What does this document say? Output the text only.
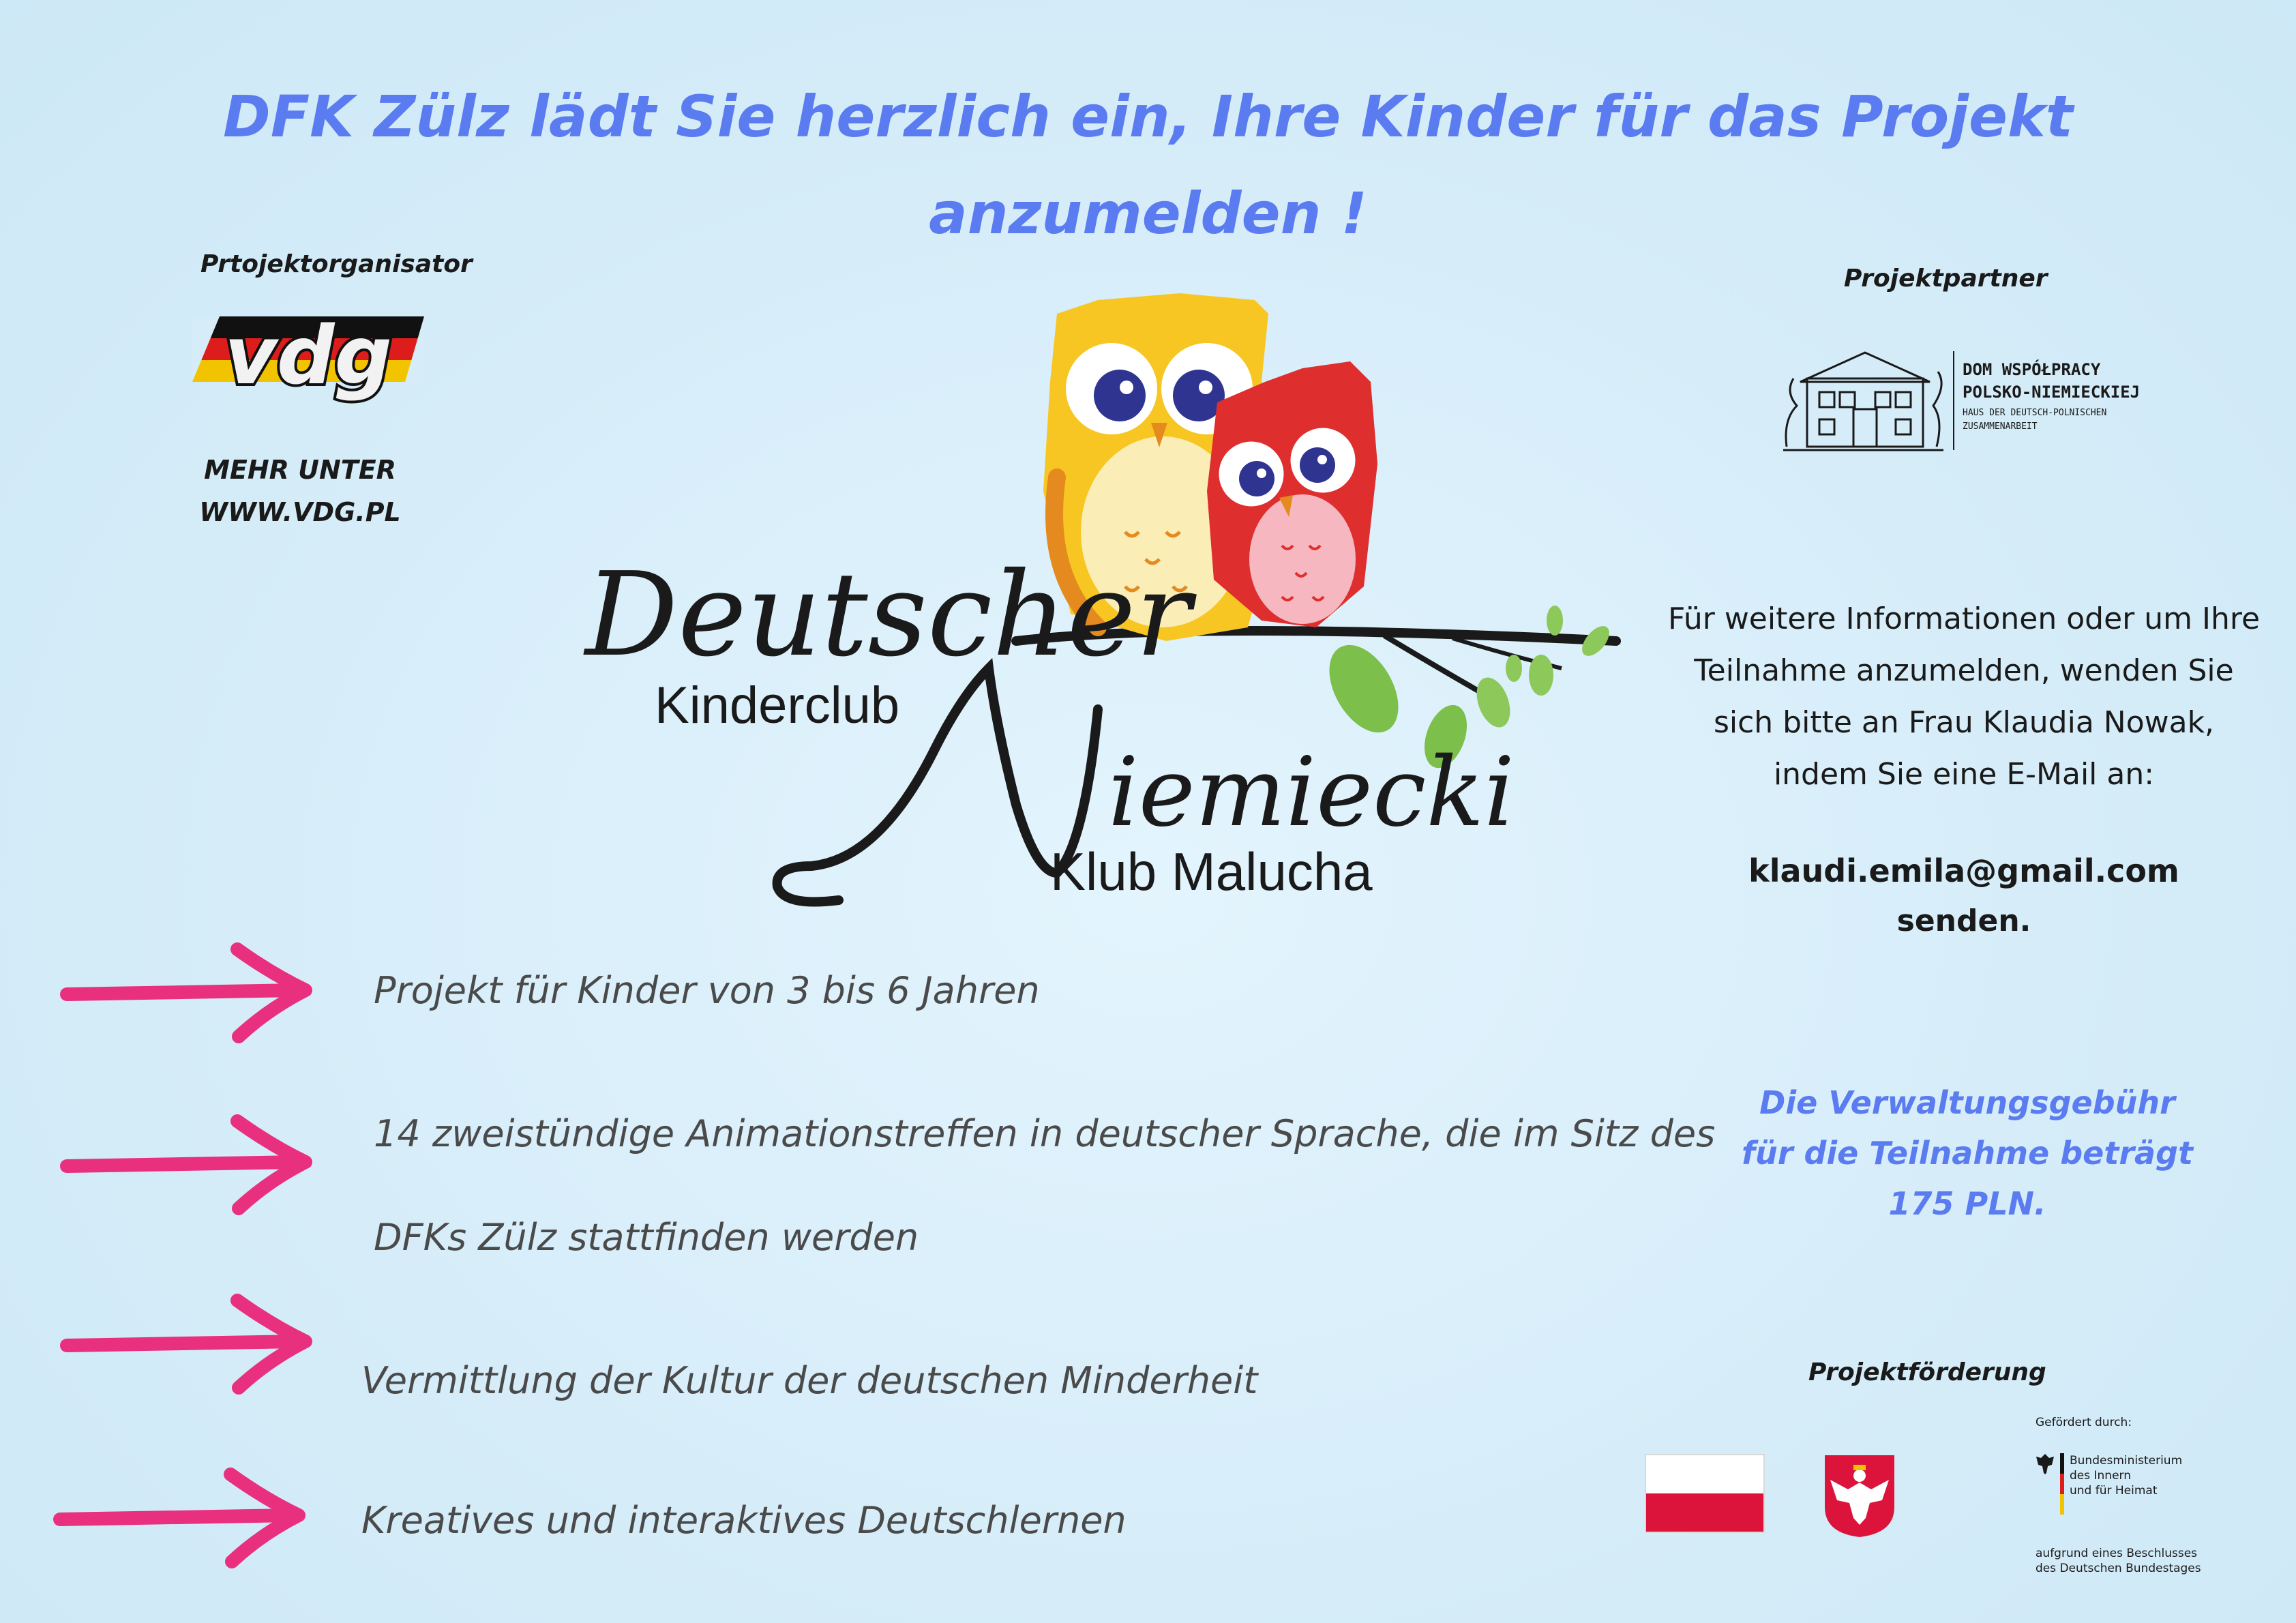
DFK Zülz lädt Sie herzlich ein, Ihre Kinder für das Projekt
anzumelden !
Prtojektorganisator
vdg
MEHR UNTER
WWW.VDG.PL
Deutscher
Kinderclub
iemiecki
Klub Malucha
Projektpartner
DOM WSPÓŁPRACY
POLSKO-NIEMIECKIEJ
HAUS DER DEUTSCH-POLNISCHEN
ZUSAMMENARBEIT
Für weitere Informationen oder um Ihre
Teilnahme anzumelden, wenden Sie
sich bitte an Frau Klaudia Nowak,
indem Sie eine E-Mail an:
klaudi.emila@gmail.com
senden.
Die Verwaltungsgebühr
für die Teilnahme beträgt
175 PLN.
Projekt für Kinder von 3 bis 6 Jahren
14 zweistündige Animationstreffen in deutscher Sprache, die im Sitz des
DFKs Zülz stattfinden werden
Vermittlung der Kultur der deutschen Minderheit
Kreatives und interaktives Deutschlernen
Projektförderung
Gefördert durch:
Bundesministerium
des Innern
und für Heimat
aufgrund eines Beschlusses
des Deutschen Bundestages
